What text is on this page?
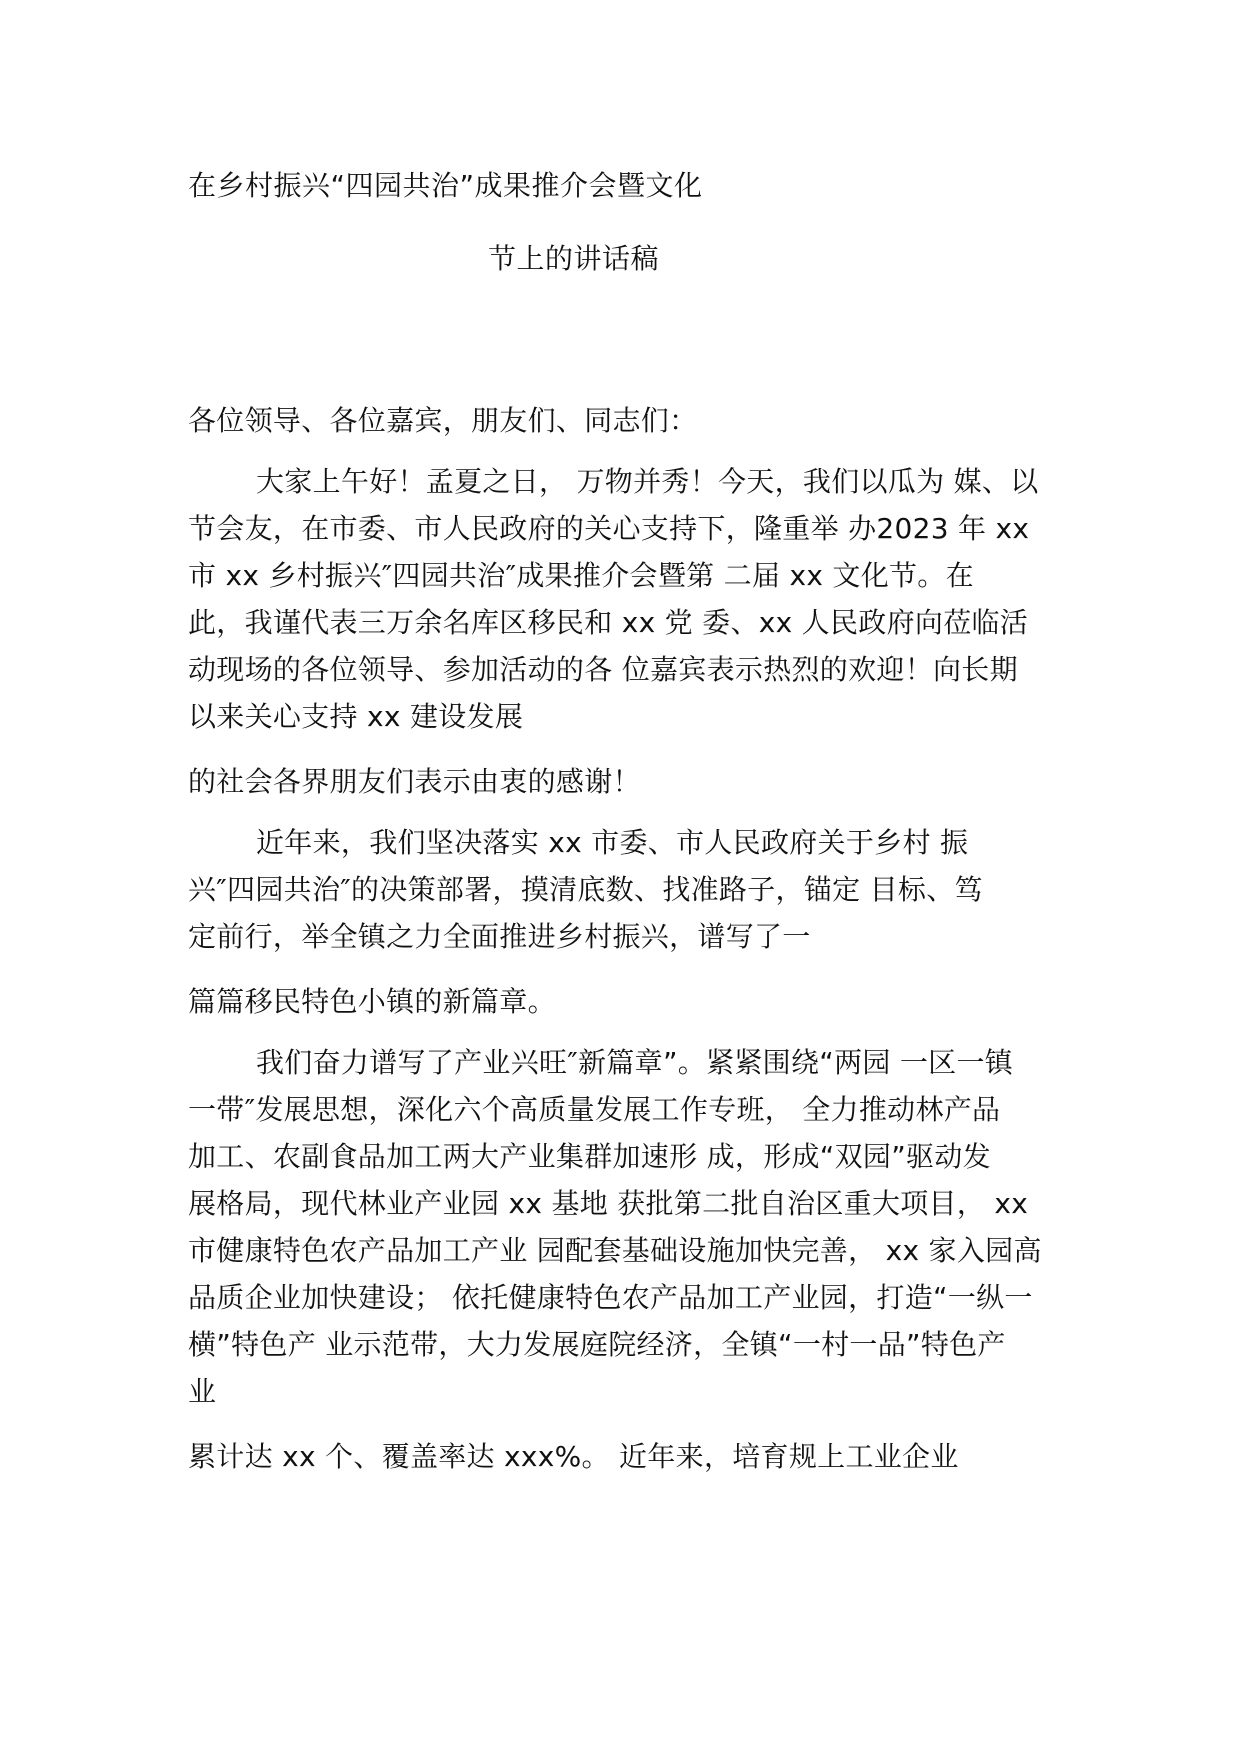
在乡村振兴“四园共治”成果推介会暨文化
节上的讲话稿

各位领导、各位嘉宾，朋友们、同志们：

大家上午好！孟夏之日， 万物并秀！今天，我们以瓜为 媒、以
节会友，在市委、市人民政府的关心支持下，隆重举 办2023 年 xx
市 xx 乡村振兴″四园共治″成果推介会暨第 二届 xx 文化节。在
此，我谨代表三万余名库区移民和 xx 党 委、xx 人民政府向莅临活
动现场的各位领导、参加活动的各 位嘉宾表示热烈的欢迎！向长期
以来关心支持 xx 建设发展

的社会各界朋友们表示由衷的感谢！

近年来，我们坚决落实 xx 市委、市人民政府关于乡村 振
兴″四园共治″的决策部署，摸清底数、找准路子，锚定 目标、笃
定前行，举全镇之力全面推进乡村振兴，谱写了一

篇篇移民特色小镇的新篇章。

我们奋力谱写了产业兴旺″新篇章”。紧紧围绕“两园 一区一镇
一带″发展思想，深化六个高质量发展工作专班， 全力推动林产品
加工、农副食品加工两大产业集群加速形 成，形成“双园”驱动发
展格局，现代林业产业园 xx 基地 获批第二批自治区重大项目， xx
市健康特色农产品加工产业 园配套基础设施加快完善， xx 家入园高
品质企业加快建设； 依托健康特色农产品加工产业园，打造“一纵一
横”特色产 业示范带，大力发展庭院经济，全镇“一村一品”特色产
业

累计达 xx 个、覆盖率达 xxx%。 近年来，培育规上工业企业
